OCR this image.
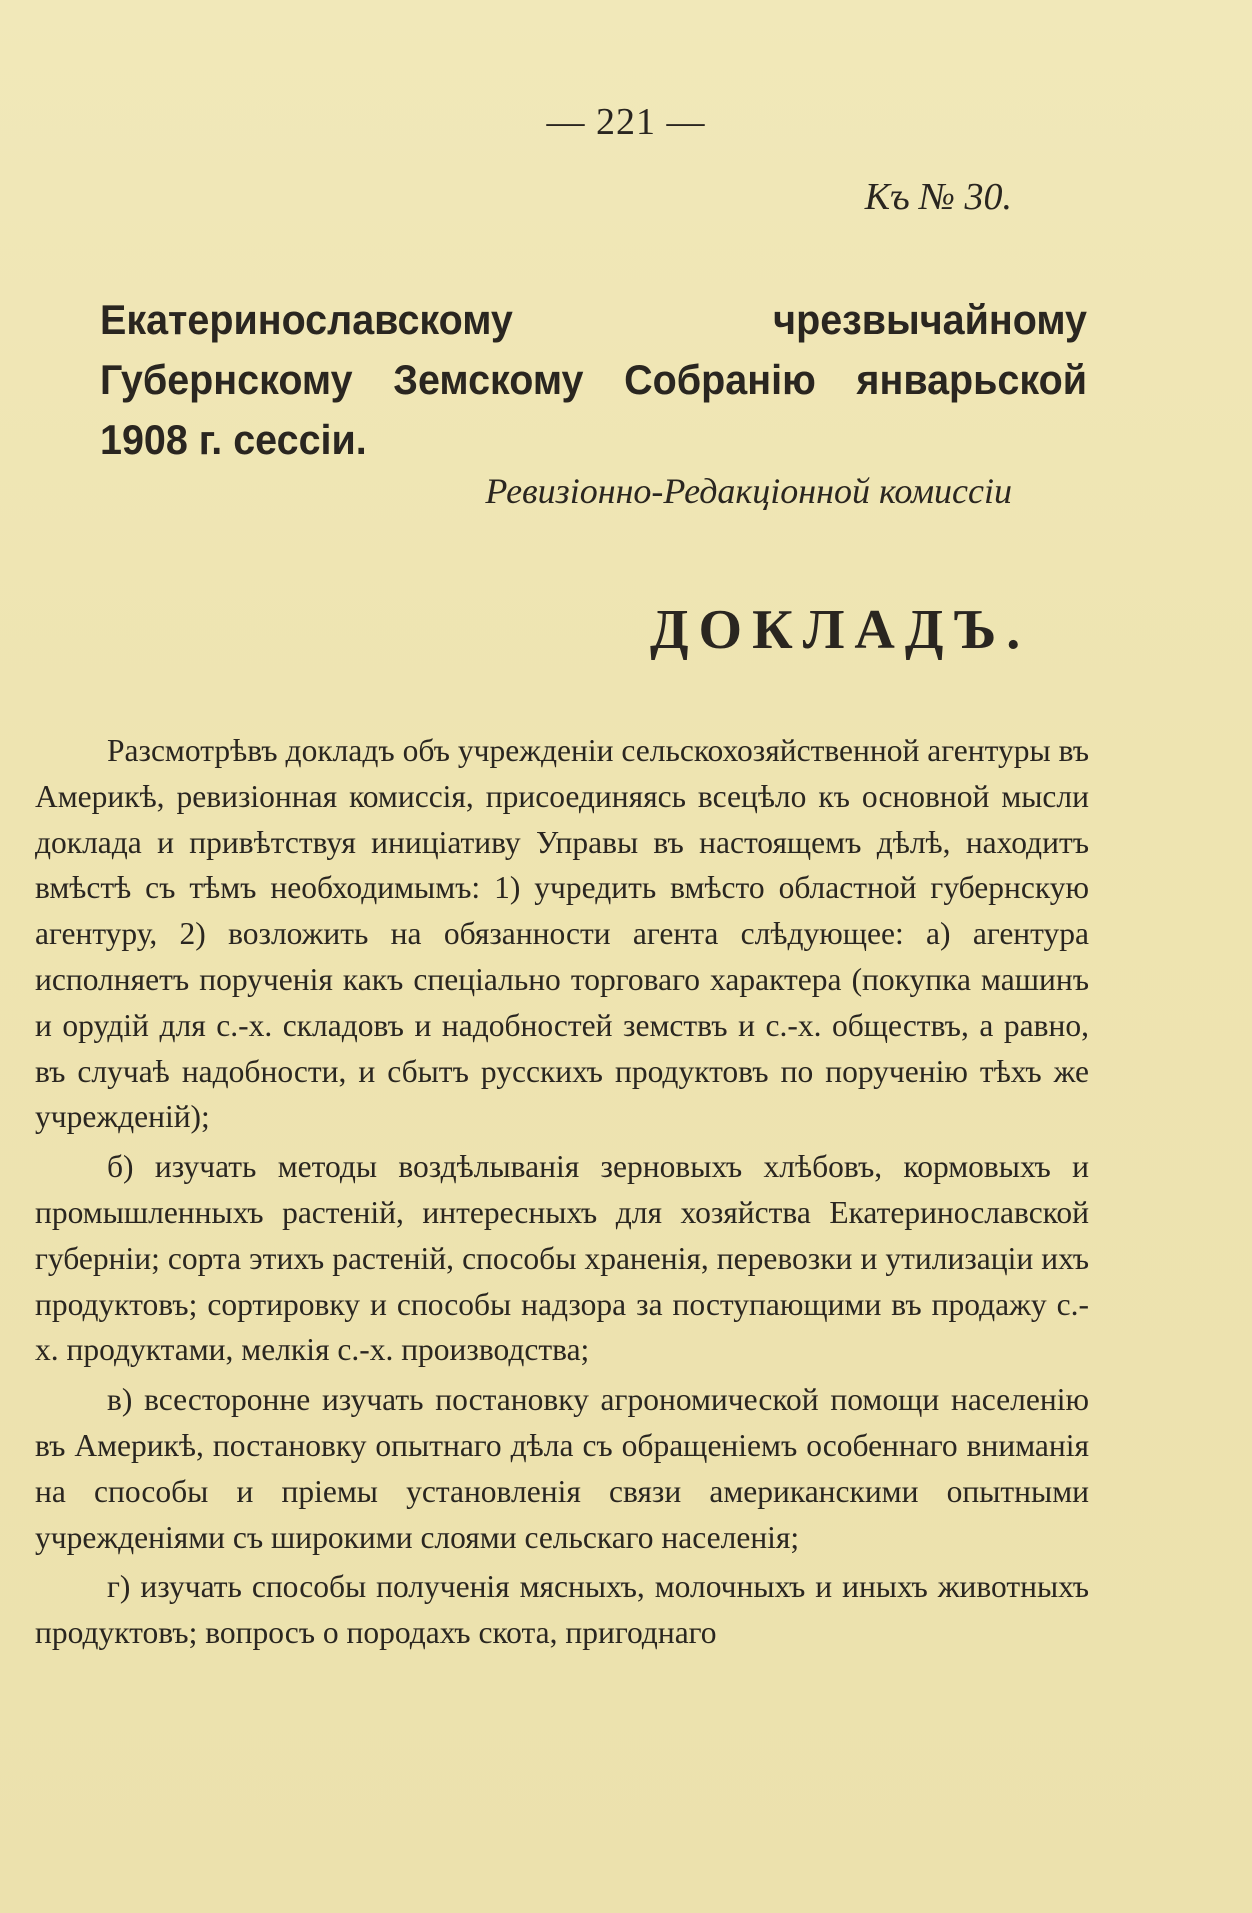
— 221 —
Къ № 30.
Екатеринославскому чрезвычайному Губернскому Земскому Собранію январьской 1908 г. сессіи.
Ревизіонно-Редакціонной комиссіи
ДОКЛАДЪ.

Разсмотрѣвъ докладъ объ учрежденіи сельскохозяйственной агентуры въ Америкѣ, ревизіонная комиссія, присоединяясь всецѣло къ основной мысли доклада и привѣтствуя иниціативу Управы въ настоящемъ дѣлѣ, находитъ вмѣстѣ съ тѣмъ необходимымъ: 1) учредить вмѣсто областной губернскую агентуру, 2) возложить на обязанности агента слѣдующее: а) агентура исполняетъ порученія какъ спеціально торговаго характера (покупка машинъ и орудій для с.-х. складовъ и надобностей земствъ и с.-х. обществъ, а равно, въ случаѣ надобности, и сбытъ русскихъ продуктовъ по порученію тѣхъ же учрежденій);

б) изучать методы воздѣлыванія зерновыхъ хлѣбовъ, кормовыхъ и промышленныхъ растеній, интересныхъ для хозяйства Екатеринославской губерніи; сорта этихъ растеній, способы храненія, перевозки и утилизаціи ихъ продуктовъ; сортировку и способы надзора за поступающими въ продажу с.-х. продуктами, мелкія с.-х. производства;

в) всесторонне изучать постановку агрономической помощи населенію въ Америкѣ, постановку опытнаго дѣла съ обращеніемъ особеннаго вниманія на способы и пріемы установленія связи американскими опытными учрежденіями съ широкими слоями сельскаго населенія;

г) изучать способы полученія мясныхъ, молочныхъ и иныхъ животныхъ продуктовъ; вопросъ о породахъ скота, пригоднаго
